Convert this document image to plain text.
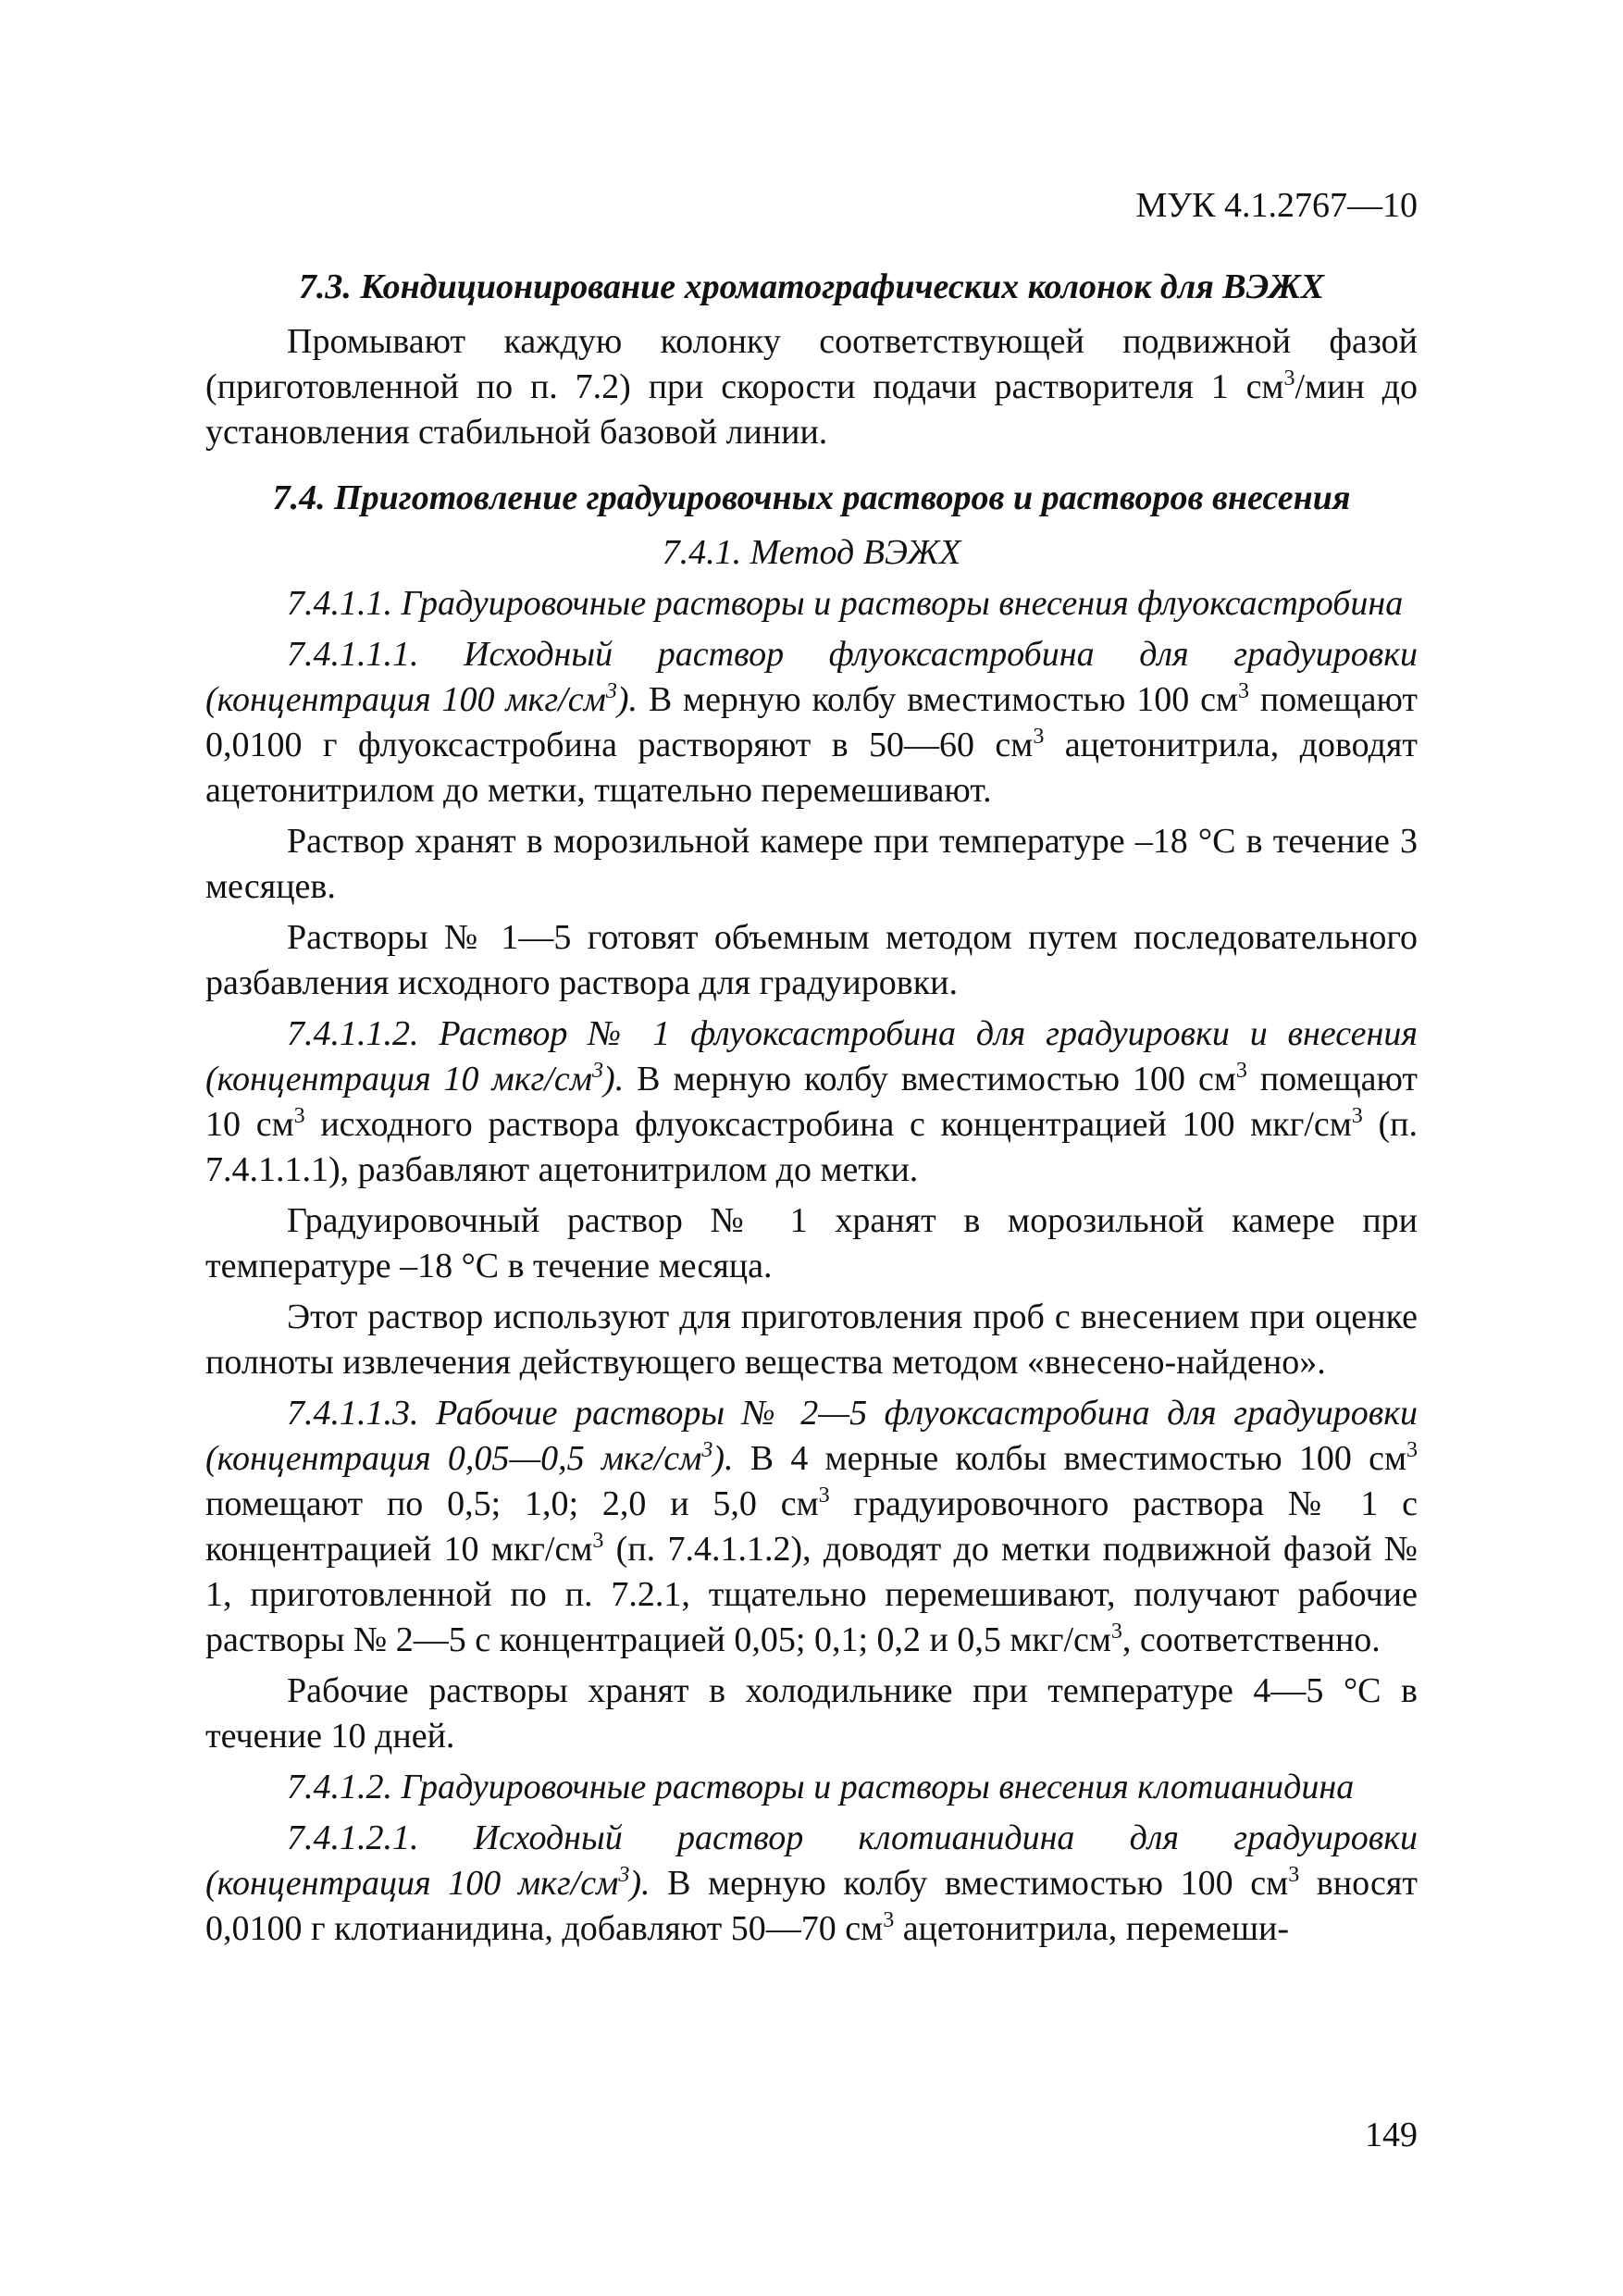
МУК 4.1.2767—10
7.3. Кондиционирование хроматографических колонок для ВЭЖХ

Промывают каждую колонку соответствующей подвижной фазой (приготовленной по п. 7.2) при скорости подачи растворителя 1 $см^3$/мин до установления стабильной базовой линии.

7.4. Приготовление градуировочных растворов и растворов внесения
7.4.1. Метод ВЭЖХ

7.4.1.1. Градуировочные растворы и растворы внесения флуоксастробина

7.4.1.1.1. Исходный раствор флуоксастробина для градуировки (концентрация 100 мкг/$см^3$). В мерную колбу вместимостью 100 $см^3$ помещают 0,0100 г флуоксастробина растворяют в 50—60 $см^3$ ацетонитрила, доводят ацетонитрилом до метки, тщательно перемешивают.

Раствор хранят в морозильной камере при температуре –18 °С в течение 3 месяцев.

Растворы № 1—5 готовят объемным методом путем последовательного разбавления исходного раствора для градуировки.

7.4.1.1.2. Раствор № 1 флуоксастробина для градуировки и внесения (концентрация 10 мкг/$см^3$). В мерную колбу вместимостью 100 $см^3$ помещают 10 $см^3$ исходного раствора флуоксастробина с концентрацией 100 мкг/$см^3$ (п. 7.4.1.1.1), разбавляют ацетонитрилом до метки.

Градуировочный раствор № 1 хранят в морозильной камере при температуре –18 °С в течение месяца.

Этот раствор используют для приготовления проб с внесением при оценке полноты извлечения действующего вещества методом «внесено-найдено».

7.4.1.1.3. Рабочие растворы № 2—5 флуоксастробина для градуировки (концентрация 0,05—0,5 мкг/$см^3$). В 4 мерные колбы вместимостью 100 $см^3$ помещают по 0,5; 1,0; 2,0 и 5,0 $см^3$ градуировочного раствора № 1 с концентрацией 10 мкг/$см^3$ (п. 7.4.1.1.2), доводят до метки подвижной фазой № 1, приготовленной по п. 7.2.1, тщательно перемешивают, получают рабочие растворы № 2—5 с концентрацией 0,05; 0,1; 0,2 и 0,5 мкг/$см^3$, соответственно.

Рабочие растворы хранят в холодильнике при температуре 4—5 °С в течение 10 дней.

7.4.1.2. Градуировочные растворы и растворы внесения клотианидина

7.4.1.2.1. Исходный раствор клотианидина для градуировки (концентрация 100 мкг/$см^3$). В мерную колбу вместимостью 100 $см^3$ вносят 0,0100 г клотианидина, добавляют 50—70 $см^3$ ацетонитрила, перемеши-

149
